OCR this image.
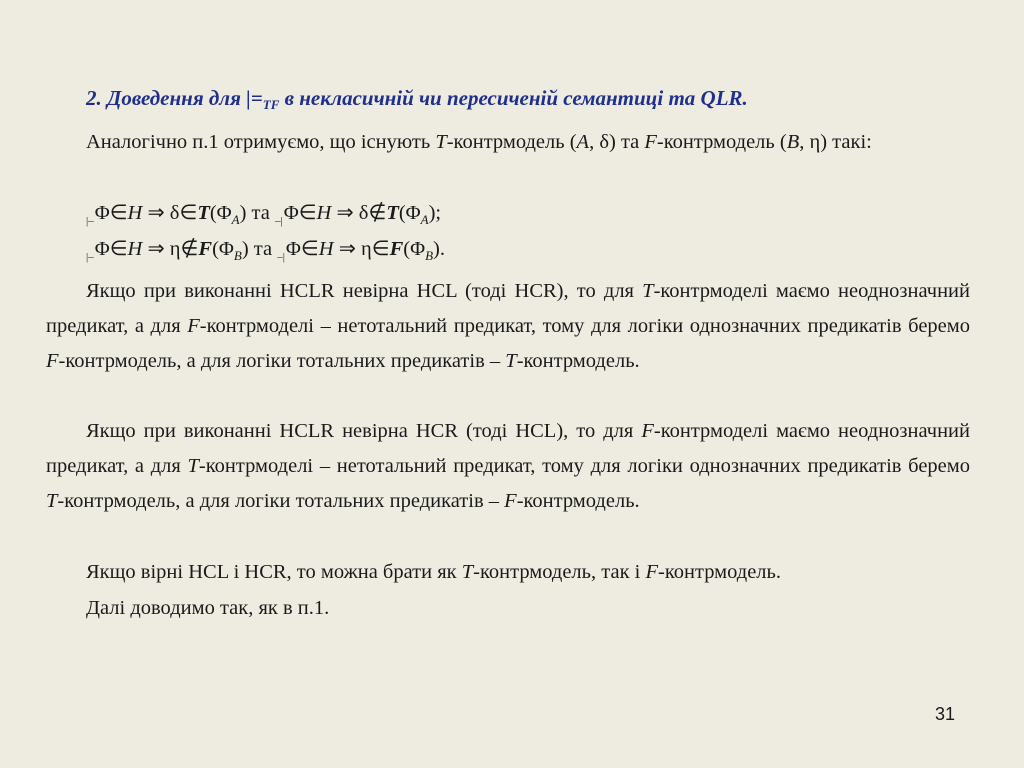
2. Доведення для $|=_{TF}$ в некласичній чи пересиченій семантиці та QLR.
Аналогічно п.1 отримуємо, що існують T-контрмодель (A, δ) та F-контрмодель (B, η) такі:
$_{|-}$Φ∈H ⇒ $\delta\in T(\Phi_A)$ та $_{-|}$Φ∈H ⇒ $\delta\notin T(\Phi_A)$;
$_{|-}$Φ∈H ⇒ $\eta\notin F(\Phi_B)$ та $_{-|}$Φ∈H ⇒ $\eta\in F(\Phi_B)$.
Якщо при виконанні HCLR невірна HCL (тоді HCR), то для T-контрмоделі маємо неоднозначний предикат, а для F-контрмоделі – нетотальний предикат, тому для логіки однозначних предикатів беремо F-контрмодель, а для логіки тотальних предикатів – T-контрмодель.
Якщо при виконанні HCLR невірна HCR (тоді HCL), то для F-контрмоделі маємо неоднозначний предикат, а для T-контрмоделі – нетотальний предикат, тому для логіки однозначних предикатів беремо T-контрмодель, а для логіки тотальних предикатів – F-контрмодель.
Якщо вірні HCL і HCR, то можна брати як T-контрмодель, так і F-контрмодель.
Далі доводимо так, як в п.1.
31
